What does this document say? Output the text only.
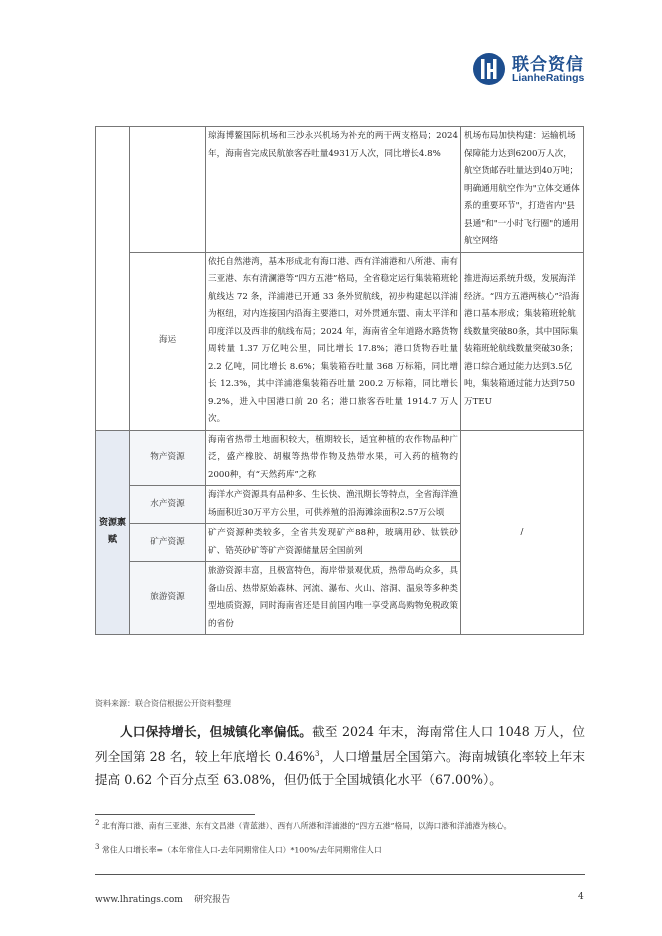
联合资信
LianheRatings
		琼海博鳌国际机场和三沙永兴机场为补充的两干两支格局；2024年，海南省完成民航旅客吞吐量4931万人次，同比增长4.8%	机场布局加快构建：运输机场保障能力达到6200万人次，航空货邮吞吐量达到40万吨；明确通用航空作为"立体交通体系的重要环节"，打造省内"县县通"和"一小时飞行圈"的通用航空网络
	海运	依托自然港湾，基本形成北有海口港、西有洋浦港和八所港、南有三亚港、东有清澜港等“四方五港”格局，全省稳定运行集装箱班轮航线达 72 条，洋浦港已开通 33 条外贸航线，初步构建起以洋浦为枢纽，对内连接国内沿海主要港口，对外贯通东盟、南太平洋和印度洋以及西非的航线布局；2024 年，海南省全年道路水路货物周转量 1.37 万亿吨公里，同比增长 17.8%；港口货物吞吐量 2.2 亿吨，同比增长 8.6%；集装箱吞吐量 368 万标箱，同比增长 12.3%，其中洋浦港集装箱吞吐量 200.2 万标箱，同比增长 9.2%，进入中国港口前 20 名；港口旅客吞吐量 1914.7 万人次。	推进海运系统升级，发展海洋经济。“四方五港两核心”²沿海港口基本形成；集装箱班轮航线数量突破80条，其中国际集装箱班轮航线数量突破30条；港口综合通过能力达到3.5亿吨，集装箱通过能力达到750万TEU
资源禀赋	物产资源	海南省热带土地面积较大，植期较长，适宜种植的农作物品种广泛，盛产橡胶、胡椒等热带作物及热带水果，可入药的植物约2000种，有“天然药库”之称	/
	水产资源	海洋水产资源具有品种多、生长快、渔汛期长等特点，全省海洋渔场面积近30万平方公里，可供养殖的沿海滩涂面积2.57万公顷	
	矿产资源	矿产资源种类较多，全省共发现矿产88种，玻璃用砂、钛铁砂矿、锆英砂矿等矿产资源储量居全国前列	
	旅游资源	旅游资源丰富，且极富特色，海岸带景观优质，热带岛屿众多，具备山岳、热带原始森林、河流、瀑布、火山、溶洞、温泉等多种类型地质资源，同时海南省还是目前国内唯一享受离岛购物免税政策的省份	
资料来源：联合资信根据公开资料整理

人口保持增长，但城镇化率偏低。截至 2024 年末，海南常住人口 1048 万人，位列全国第 28 名，较上年底增长 0.46%$^3$，人口增量居全国第六。海南城镇化率较上年末提高 0.62 个百分点至 63.08%，但仍低于全国城镇化水平（67.00%）。

$^2$ 北有海口港、南有三亚港、东有文昌港（青蓝港）、西有八所港和洋浦港的“四方五港”格局，以海口港和洋浦港为核心。
$^3$ 常住人口增长率=（本年常住人口-去年同期常住人口）*100%/去年同期常住人口
www.lhratings.com 研究报告	4
